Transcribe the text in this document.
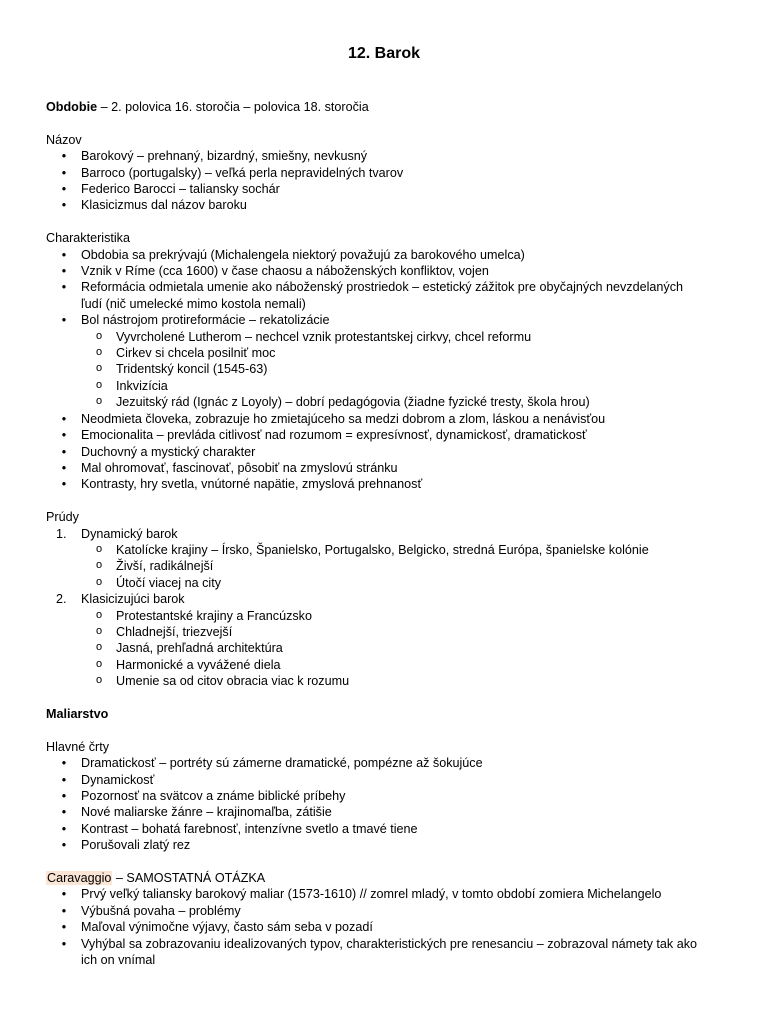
12. Barok

Obdobie – 2. polovica 16. storočia – polovica 18. storočia

Názov

•	Barokový – prehnaný, bizardný, smiešny, nevkusný
•	Barroco (portugalsky) – veľká perla nepravidelných tvarov
•	Federico Barocci – taliansky sochár
•	Klasicizmus dal názov baroku

Charakteristika

•	Obdobia sa prekrývajú (Michalengela niektorý považujú za barokového umelca)
•	Vznik v Ríme (cca 1600) v čase chaosu a náboženských konfliktov, vojen
•	Reformácia odmietala umenie ako náboženský prostriedok – estetický zážitok pre obyčajných nevzdelaných
ľudí (nič umelecké mimo kostola nemali)
•	Bol nástrojom protireformácie – rekatolizácie
o	Vyvrcholené Lutherom – nechcel vznik protestantskej cirkvy, chcel reformu
o	Cirkev si chcela posilniť moc
o	Tridentský koncil (1545-63)
o	Inkvizícia
o	Jezuitský rád (Ignác z Loyoly) – dobrí pedagógovia (žiadne fyzické tresty, škola hrou)
•	Neodmieta človeka, zobrazuje ho zmietajúceho sa medzi dobrom a zlom, láskou a nenávisťou
•	Emocionalita – prevláda citlivosť nad rozumom = expresívnosť, dynamickosť, dramatickosť
•	Duchovný a mystický charakter
•	Mal ohromovať, fascinovať, pôsobiť na zmyslovú stránku
•	Kontrasty, hry svetla, vnútorné napätie, zmyslová prehnanosť

Prúdy

1.	Dynamický barok
o	Katolícke krajiny – Írsko, Španielsko, Portugalsko, Belgicko, stredná Európa, španielske kolónie
o	Živší, radikálnejší
o	Útočí viacej na city
2.	Klasicizujúci barok
o	Protestantské krajiny a Francúzsko
o	Chladnejší, triezvejší
o	Jasná, prehľadná architektúra
o	Harmonické a vyvážené diela
o	Umenie sa od citov obracia viac k rozumu

Maliarstvo

Hlavné črty

•	Dramatickosť – portréty sú zámerne dramatické, pompézne až šokujúce
•	Dynamickosť
•	Pozornosť na svätcov a známe biblické príbehy
•	Nové maliarske žánre – krajinomaľba, zátišie
•	Kontrast – bohatá farebnosť, intenzívne svetlo a tmavé tiene
•	Porušovali zlatý rez

Caravaggio – SAMOSTATNÁ OTÁZKA

•	Prvý veľký taliansky barokový maliar (1573-1610) // zomrel mladý, v tomto období zomiera Michelangelo
•	Výbušná povaha – problémy
•	Maľoval výnimočne výjavy, často sám seba v pozadí
•	Vyhýbal sa zobrazovaniu idealizovaných typov, charakteristických pre renesanciu – zobrazoval námety tak ako
ich on vnímal
